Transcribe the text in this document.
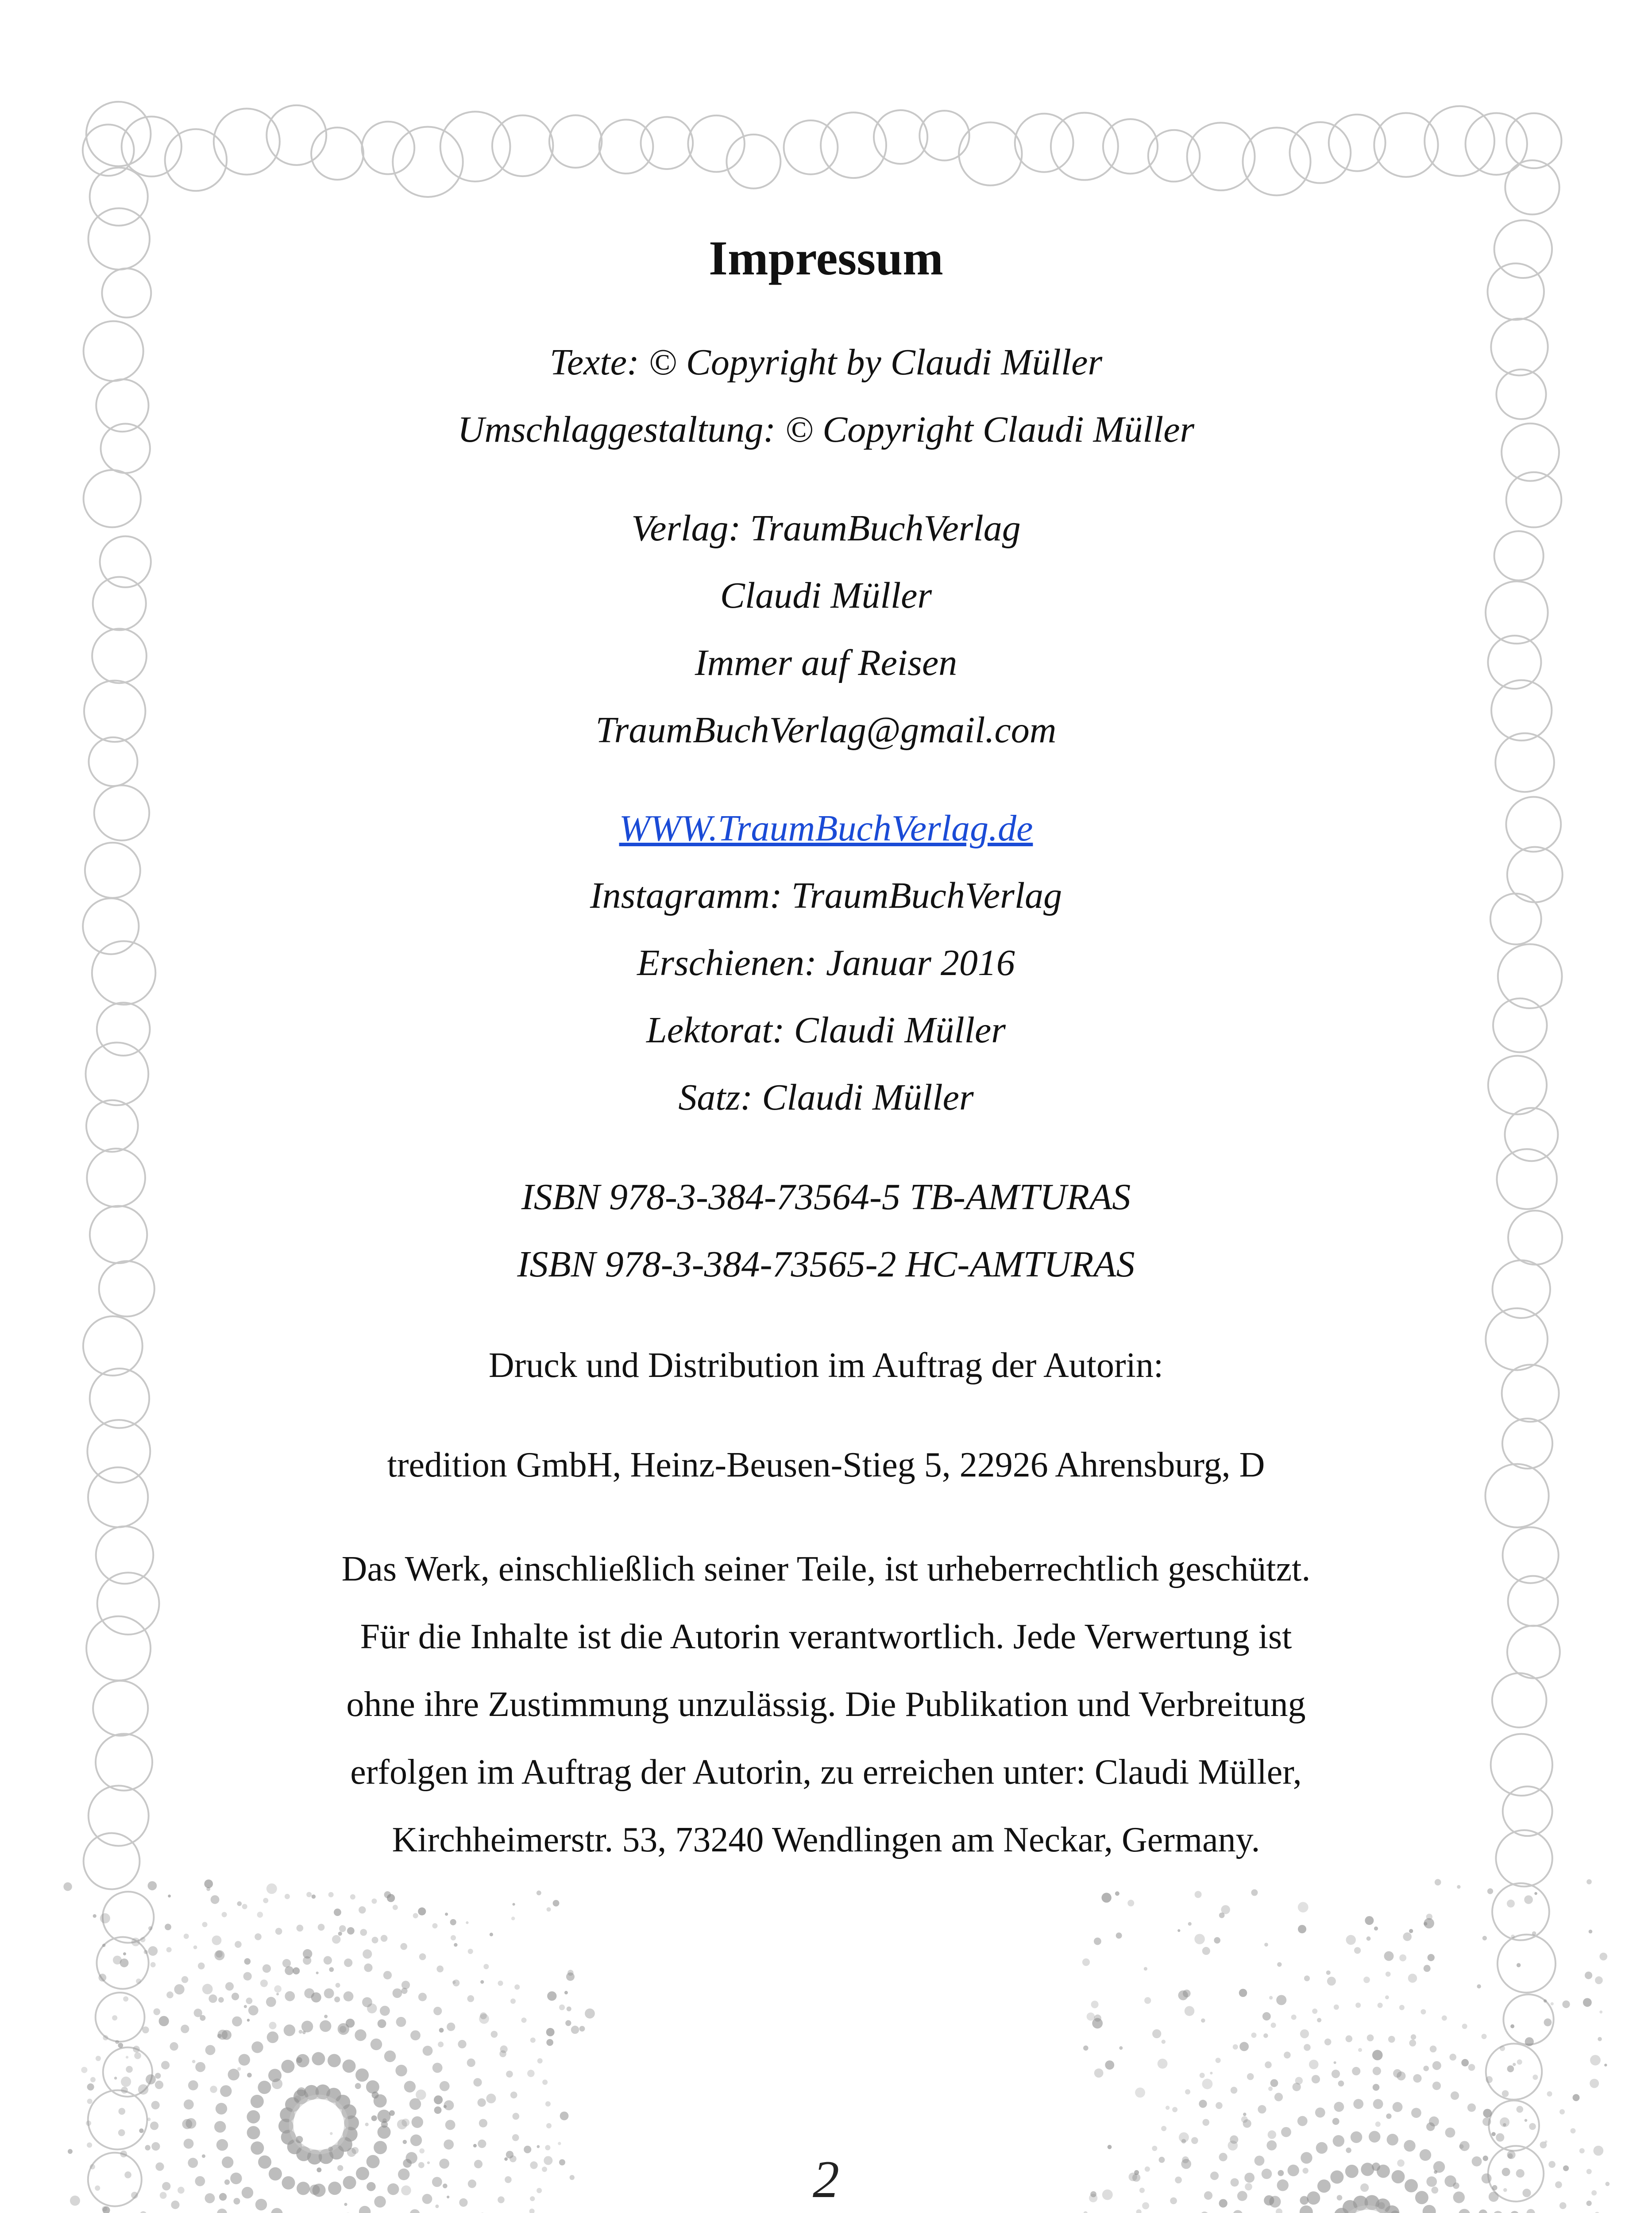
Impressum
Texte: © Copyright by Claudi Müller
Umschlaggestaltung: © Copyright Claudi Müller
Verlag: TraumBuchVerlag
Claudi Müller
Immer auf Reisen
TraumBuchVerlag@gmail.com
WWW.TraumBuchVerlag.de
Instagramm: TraumBuchVerlag
Erschienen: Januar 2016
Lektorat: Claudi Müller
Satz: Claudi Müller
ISBN 978-3-384-73564-5 TB-AMTURAS
ISBN 978-3-384-73565-2 HC-AMTURAS
Druck und Distribution im Auftrag der Autorin:
tredition GmbH, Heinz-Beusen-Stieg 5, 22926 Ahrensburg, D
Das Werk, einschließlich seiner Teile, ist urheberrechtlich geschützt.
Für die Inhalte ist die Autorin verantwortlich. Jede Verwertung ist
ohne ihre Zustimmung unzulässig. Die Publikation und Verbreitung
erfolgen im Auftrag der Autorin, zu erreichen unter: Claudi Müller,
Kirchheimerstr. 53, 73240 Wendlingen am Neckar, Germany.
2
